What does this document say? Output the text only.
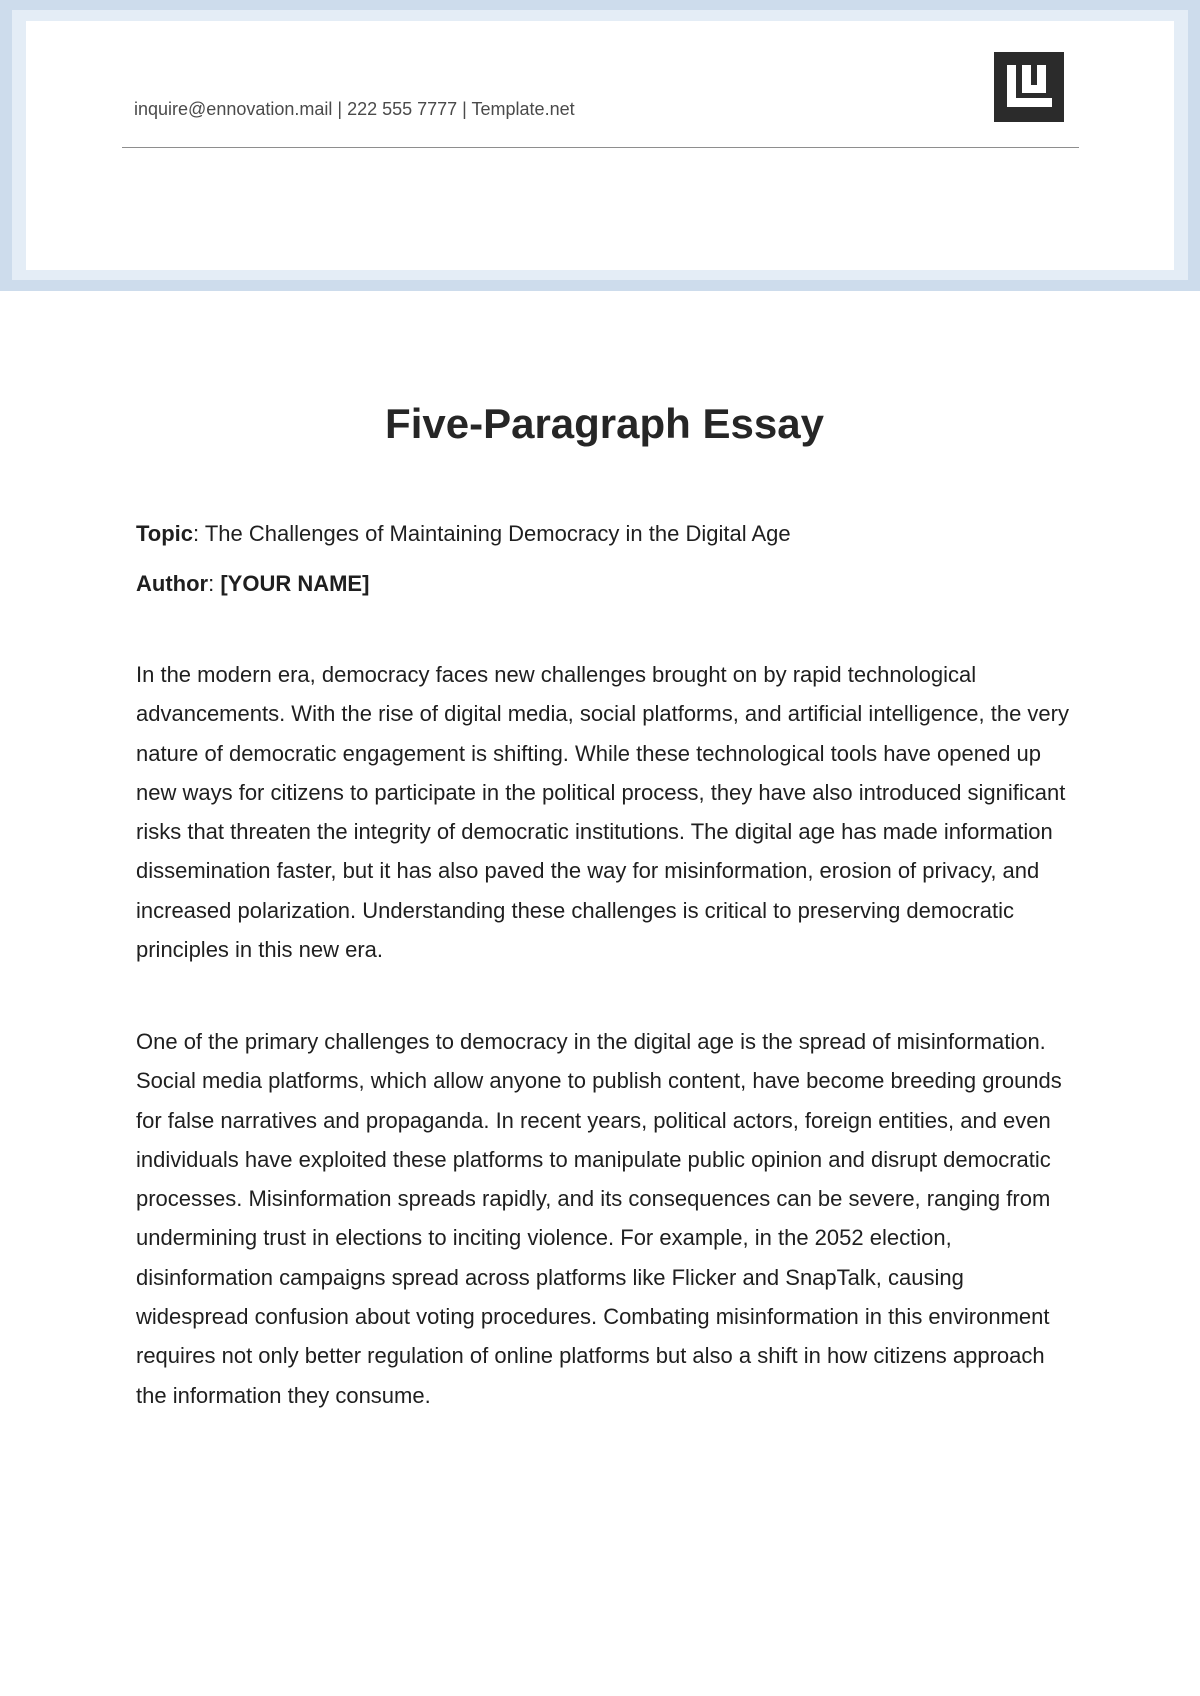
inquire@ennovation.mail | 222 555 7777 | Template.net
Five-Paragraph Essay
Topic: The Challenges of Maintaining Democracy in the Digital Age
Author: [YOUR NAME]

In the modern era, democracy faces new challenges brought on by rapid technological advancements. With the rise of digital media, social platforms, and artificial intelligence, the very nature of democratic engagement is shifting. While these technological tools have opened up new ways for citizens to participate in the political process, they have also introduced significant risks that threaten the integrity of democratic institutions. The digital age has made information dissemination faster, but it has also paved the way for misinformation, erosion of privacy, and increased polarization. Understanding these challenges is critical to preserving democratic principles in this new era.

One of the primary challenges to democracy in the digital age is the spread of misinformation. Social media platforms, which allow anyone to publish content, have become breeding grounds for false narratives and propaganda. In recent years, political actors, foreign entities, and even individuals have exploited these platforms to manipulate public opinion and disrupt democratic processes. Misinformation spreads rapidly, and its consequences can be severe, ranging from undermining trust in elections to inciting violence. For example, in the 2052 election, disinformation campaigns spread across platforms like Flicker and SnapTalk, causing widespread confusion about voting procedures. Combating misinformation in this environment requires not only better regulation of online platforms but also a shift in how citizens approach the information they consume.
